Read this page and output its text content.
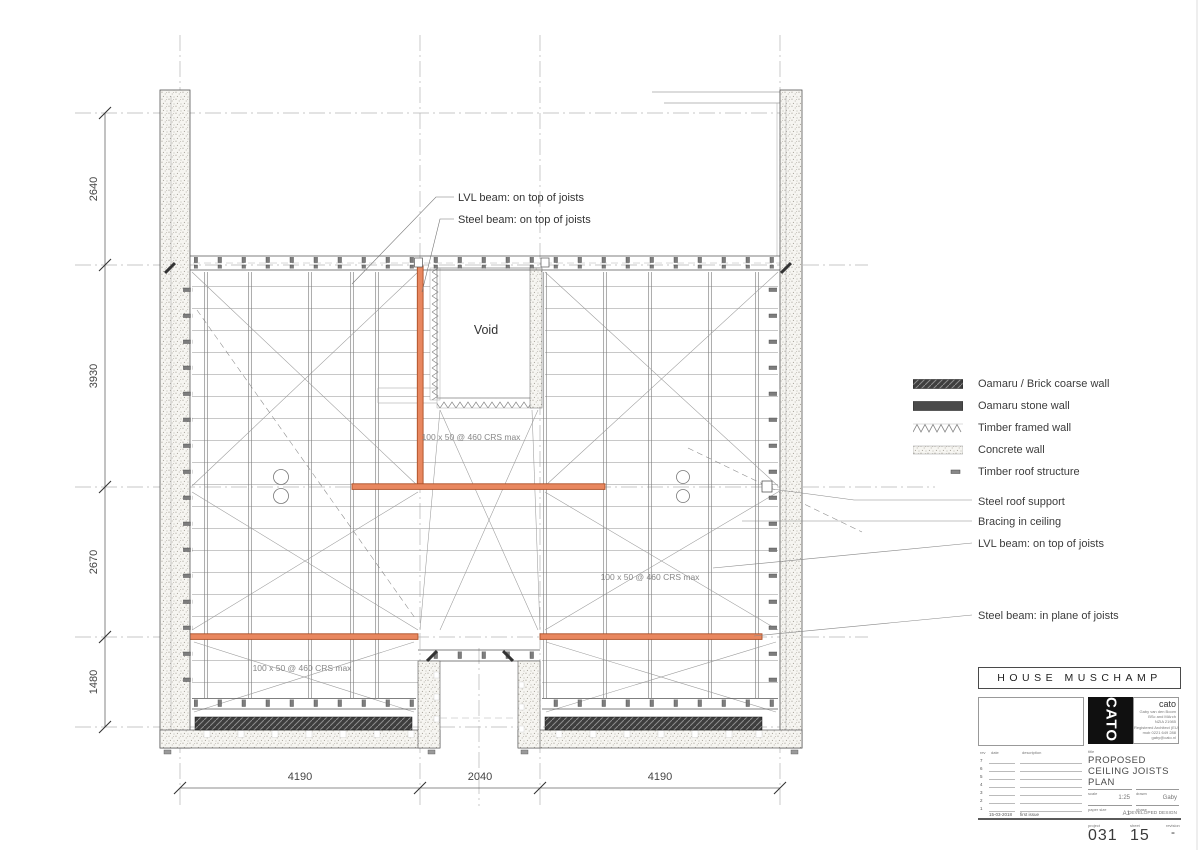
Void
2640
3930
2670
1480
4190	2040	4190
LVL beam: on top of joists
Steel beam: on top of joists
100 x 50 @ 460 CRS max
100 x 50 @ 460 CRS max
100 x 50 @ 460 CRS max
Oamaru / Brick coarse wall
Oamaru stone wall
Timber framed wall
Concrete wall
Timber roof structure
Steel roof support
Bracing in ceiling
LVL beam: on top of joists
Steel beam: in plane of joists
HOUSE MUSCHAMP
CATO	cato
Gaby van den Boom
BSc and MArch
NZIA 21985
Registered Architect (EU)
mob 0221 649 288
gaby@cato.nl
rev date	description
7
6
5
4
3
2
1
15-03-2018 first issue
title
PROPOSED
CEILING JOISTS PLAN
scale
1:25
drawn
Gaby
paper size
A1
phase
DEVELOPED DESIGN
project	sheet	revision
031 15 -
